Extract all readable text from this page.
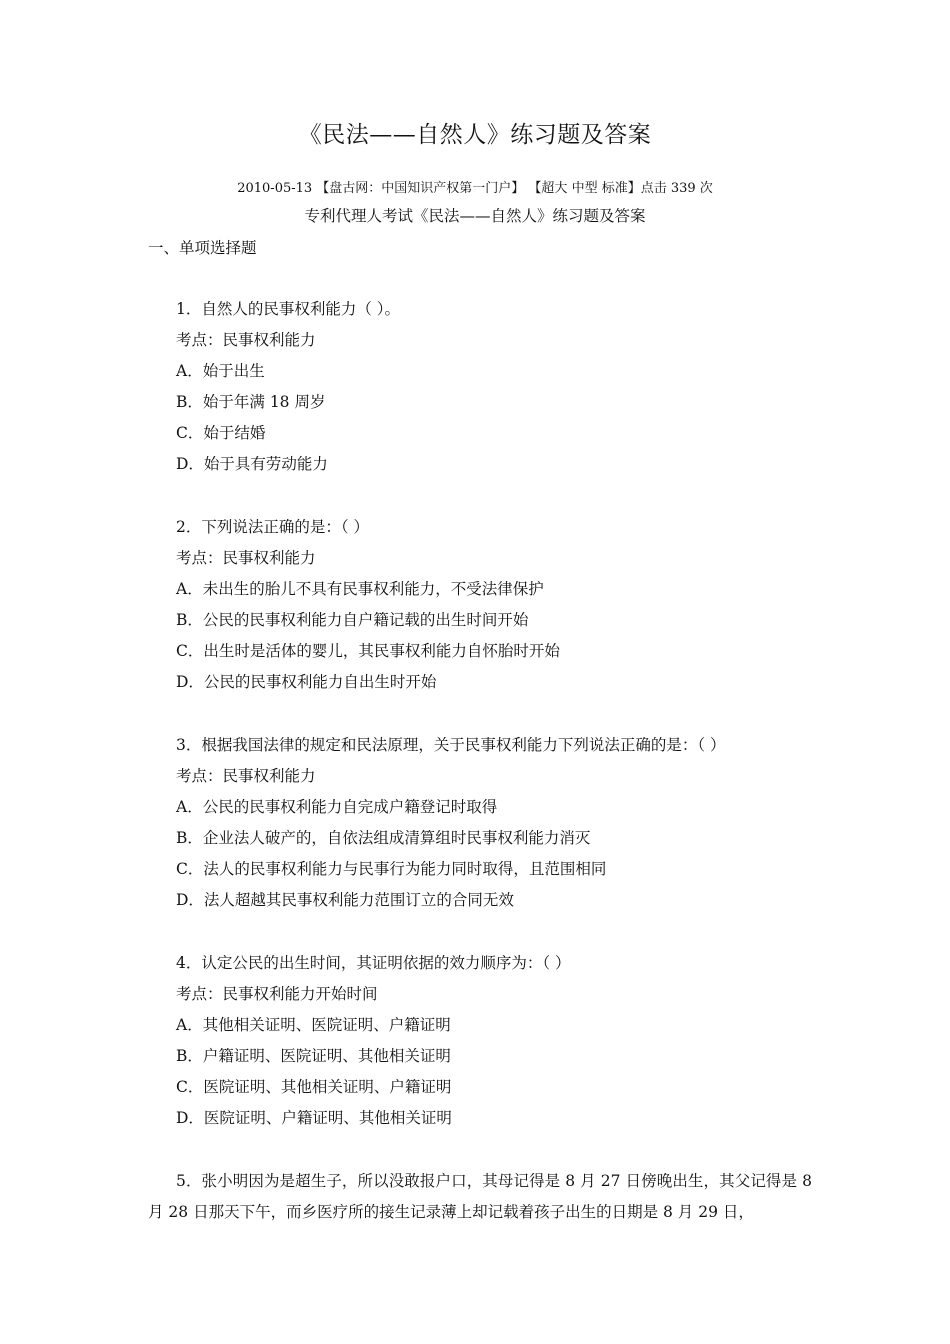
《民法——自然人》练习题及答案
2010-05-13 【盘古网：中国知识产权第一门户】 【超大 中型 标准】点击 339 次
专利代理人考试《民法——自然人》练习题及答案
一、单项选择题
1．自然人的民事权利能力（ ）。
考点：民事权利能力
A．始于出生
B．始于年满 18 周岁
C．始于结婚
D．始于具有劳动能力
2．下列说法正确的是：（ ）
考点：民事权利能力
A．未出生的胎儿不具有民事权利能力，不受法律保护
B．公民的民事权利能力自户籍记载的出生时间开始
C．出生时是活体的婴儿，其民事权利能力自怀胎时开始
D．公民的民事权利能力自出生时开始
3．根据我国法律的规定和民法原理，关于民事权利能力下列说法正确的是：（ ）
考点：民事权利能力
A．公民的民事权利能力自完成户籍登记时取得
B．企业法人破产的，自依法组成清算组时民事权利能力消灭
C．法人的民事权利能力与民事行为能力同时取得，且范围相同
D．法人超越其民事权利能力范围订立的合同无效
4．认定公民的出生时间，其证明依据的效力顺序为：（ ）
考点：民事权利能力开始时间
A．其他相关证明、医院证明、户籍证明
B．户籍证明、医院证明、其他相关证明
C．医院证明、其他相关证明、户籍证明
D．医院证明、户籍证明、其他相关证明
5．张小明因为是超生子，所以没敢报户口，其母记得是 8 月 27 日傍晚出生，其父记得是 8 月 28 日那天下午，而乡医疗所的接生记录薄上却记载着孩子出生的日期是 8 月 29 日，
